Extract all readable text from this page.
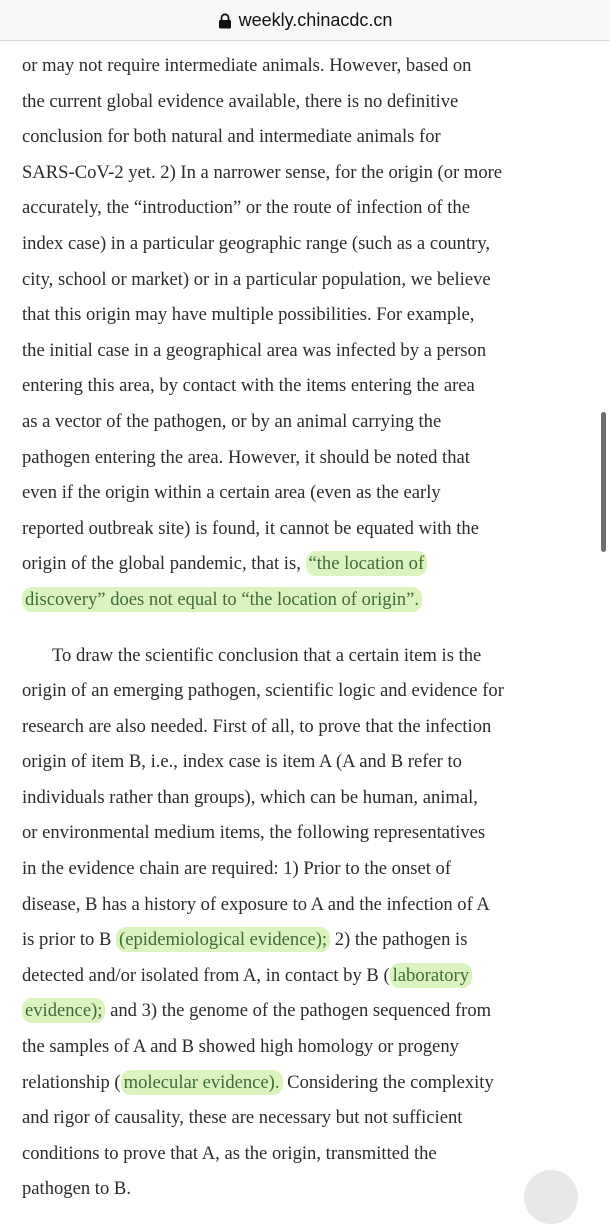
weekly.chinacdc.cn

or may not require intermediate animals. However, based on
the current global evidence available, there is no definitive
conclusion for both natural and intermediate animals for
SARS-CoV-2 yet. 2) In a narrower sense, for the origin (or more
accurately, the “introduction” or the route of infection of the
index case) in a particular geographic range (such as a country,
city, school or market) or in a particular population, we believe
that this origin may have multiple possibilities. For example,
the initial case in a geographical area was infected by a person
entering this area, by contact with the items entering the area
as a vector of the pathogen, or by an animal carrying the
pathogen entering the area. However, it should be noted that
even if the origin within a certain area (even as the early
reported outbreak site) is found, it cannot be equated with the
origin of the global pandemic, that is, “the location of
discovery” does not equal to “the location of origin”.

To draw the scientific conclusion that a certain item is the
origin of an emerging pathogen, scientific logic and evidence for
research are also needed. First of all, to prove that the infection
origin of item B, i.e., index case is item A (A and B refer to
individuals rather than groups), which can be human, animal,
or environmental medium items, the following representatives
in the evidence chain are required: 1) Prior to the onset of
disease, B has a history of exposure to A and the infection of A
is prior to B (epidemiological evidence); 2) the pathogen is
detected and/or isolated from A, in contact by B ( laboratory
evidence); and 3) the genome of the pathogen sequenced from
the samples of A and B showed high homology or progeny
relationship ( molecular evidence). Considering the complexity
and rigor of causality, these are necessary but not sufficient
conditions to prove that A, as the origin, transmitted the
pathogen to B.
